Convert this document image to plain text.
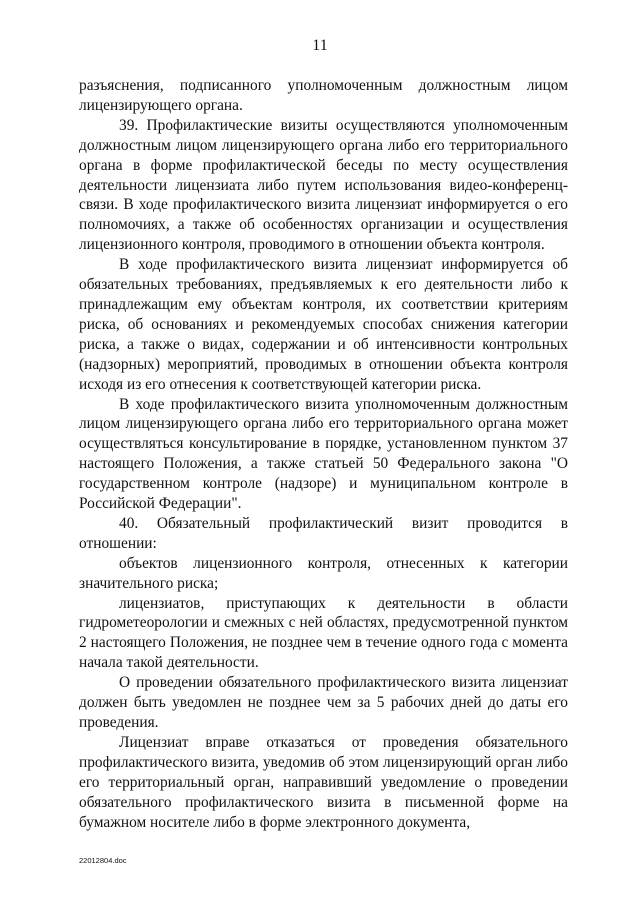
11

разъяснения, подписанного уполномоченным должностным лицом лицензирующего органа.

39. Профилактические визиты осуществляются уполномоченным должностным лицом лицензирующего органа либо его территориального органа в форме профилактической беседы по месту осуществления деятельности лицензиата либо путем использования видео-конференц-связи. В ходе профилактического визита лицензиат информируется о его полномочиях, а также об особенностях организации и осуществления лицензионного контроля, проводимого в отношении объекта контроля.

В ходе профилактического визита лицензиат информируется об обязательных требованиях, предъявляемых к его деятельности либо к принадлежащим ему объектам контроля, их соответствии критериям риска, об основаниях и рекомендуемых способах снижения категории риска, а также о видах, содержании и об интенсивности контрольных (надзорных) мероприятий, проводимых в отношении объекта контроля исходя из его отнесения к соответствующей категории риска.

В ходе профилактического визита уполномоченным должностным лицом лицензирующего органа либо его территориального органа может осуществляться консультирование в порядке, установленном пунктом 37 настоящего Положения, а также статьей 50 Федерального закона "О государственном контроле (надзоре) и муниципальном контроле в Российской Федерации".

40. Обязательный профилактический визит проводится в отношении:

объектов лицензионного контроля, отнесенных к категории значительного риска;

лицензиатов, приступающих к деятельности в области гидрометеорологии и смежных с ней областях, предусмотренной пунктом 2 настоящего Положения, не позднее чем в течение одного года с момента начала такой деятельности.

О проведении обязательного профилактического визита лицензиат должен быть уведомлен не позднее чем за 5 рабочих дней до даты его проведения.

Лицензиат вправе отказаться от проведения обязательного профилактического визита, уведомив об этом лицензирующий орган либо его территориальный орган, направивший уведомление о проведении обязательного профилактического визита в письменной форме на бумажном носителе либо в форме электронного документа,

22012804.doc
